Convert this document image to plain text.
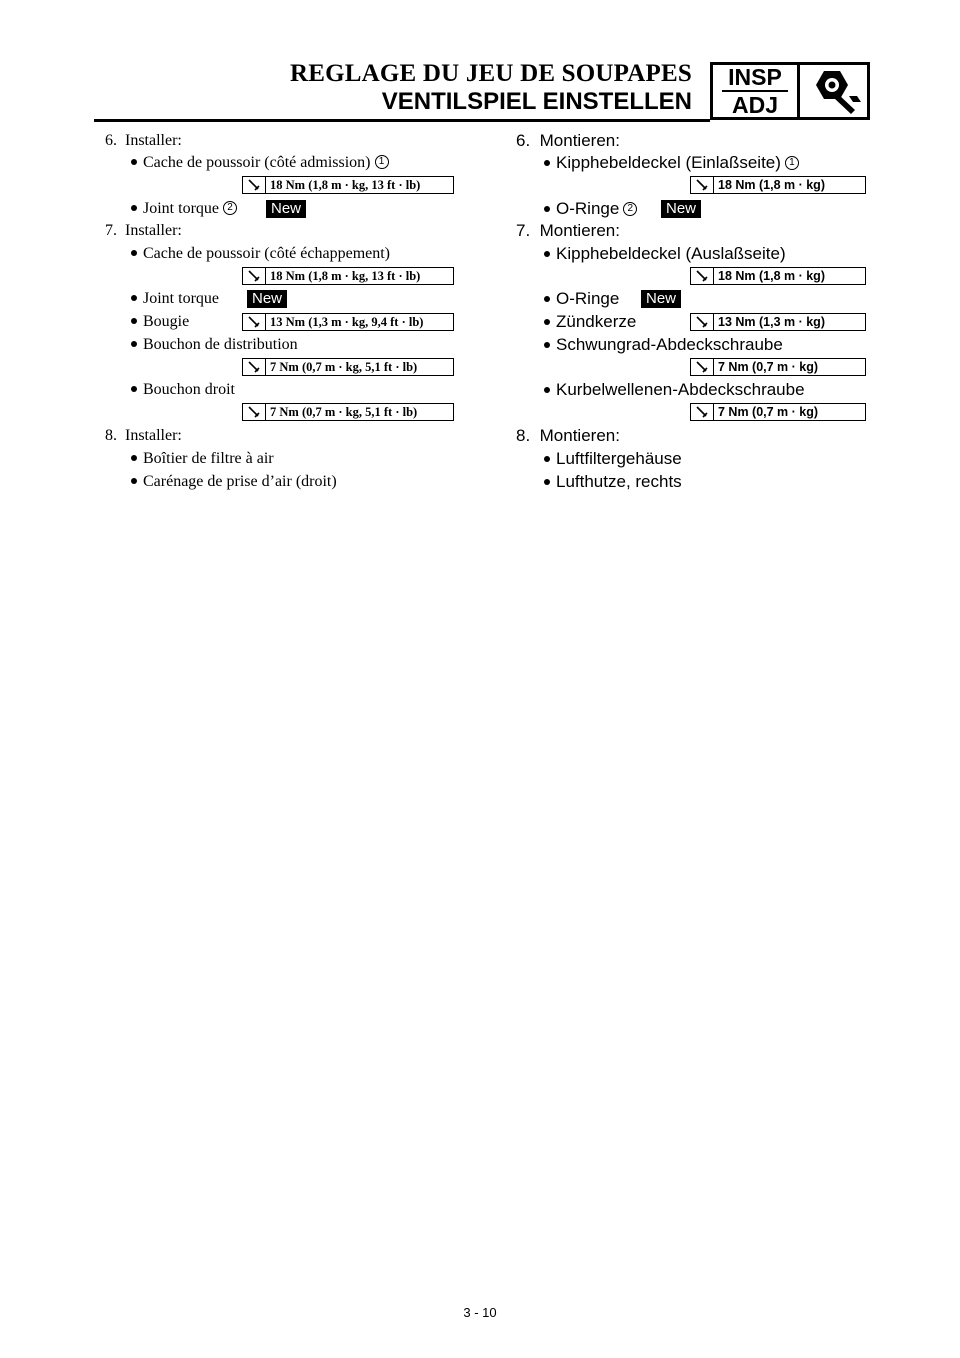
REGLAGE DU JEU DE SOUPAPES
VENTILSPIEL EINSTELLEN
INSP
ADJ
6. Installer:
Cache de poussoir (côté admission) 1
18 Nm (1,8 m · kg, 13 ft · lb)
Joint torque 2	New
7. Installer:
Cache de poussoir (côté échappement)
18 Nm (1,8 m · kg, 13 ft · lb)
Joint torque	New
Bougie	13 Nm (1,3 m · kg, 9,4 ft · lb)
Bouchon de distribution
7 Nm (0,7 m · kg, 5,1 ft · lb)
Bouchon droit
7 Nm (0,7 m · kg, 5,1 ft · lb)
8. Installer:
Boîtier de filtre à air
Carénage de prise d’air (droit)
6. Montieren:
Kipphebeldeckel (Einlaßseite) 1
18 Nm (1,8 m · kg)
O-Ringe 2	New
7. Montieren:
Kipphebeldeckel (Auslaßseite)
18 Nm (1,8 m · kg)
O-Ringe	New
Zündkerze	13 Nm (1,3 m · kg)
Schwungrad-Abdeckschraube
7 Nm (0,7 m · kg)
Kurbelwellenen-Abdeckschraube
7 Nm (0,7 m · kg)
8. Montieren:
Luftfiltergehäuse
Lufthutze, rechts
3 - 10
